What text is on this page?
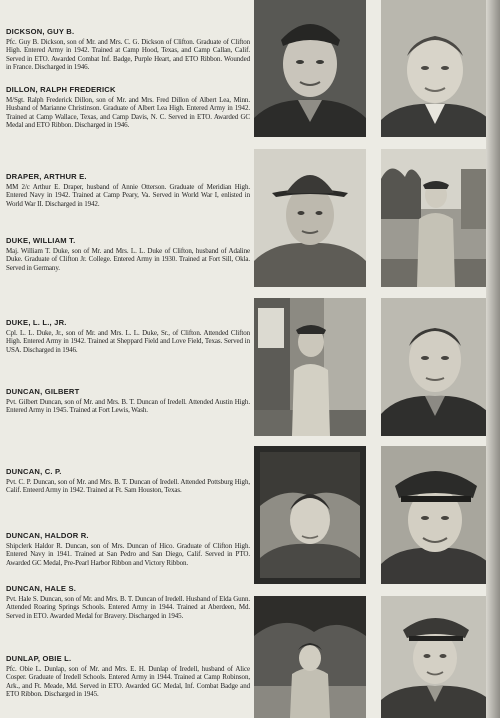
DICKSON, GUY B.

Pfc. Guy B. Dickson, son of Mr. and Mrs. C. G. Dickson of Clifton. Graduate of Clifton High. Entered Army in 1942. Trained at Camp Hood, Texas, and Camp Callan, Calif. Served in ETO. Awarded Combat Inf. Badge, Purple Heart, and ETO Ribbon. Wounded in France. Discharged in 1946.

DILLON, RALPH FREDERICK

M/Sgt. Ralph Frederick Dillon, son of Mr. and Mrs. Fred Dillon of Albert Lea, Minn. Husband of Marianne Christinson. Graduate of Albert Lea High. Entered Army in 1942. Trained at Camp Wallace, Texas, and Camp Davis, N. C. Served in ETO. Awarded GC Medal and ETO Ribbon. Discharged in 1946.

DRAPER, ARTHUR E.

MM 2/c Arthur E. Draper, husband of Annie Otterson. Graduate of Meridian High. Entered Navy in 1942. Trained at Camp Peary, Va. Served in World War I, enlisted in World War II. Discharged in 1942.

DUKE, WILLIAM T.

Maj. William T. Duke, son of Mr. and Mrs. L. L. Duke of Clifton, husband of Adaline Duke. Graduate of Clifton Jr. College. Entered Army in 1930. Trained at Fort Sill, Okla. Served in Germany.

DUKE, L. L., JR.

Cpl. L. L. Duke, Jr., son of Mr. and Mrs. L. L. Duke, Sr., of Clifton. Attended Clifton High. Entered Army in 1942. Trained at Sheppard Field and Love Field, Texas. Served in USA. Discharged in 1946.

DUNCAN, GILBERT

Pvt. Gilbert Duncan, son of Mr. and Mrs. B. T. Duncan of Iredell. Attended Austin High. Entered Army in 1945. Trained at Fort Lewis, Wash.

DUNCAN, C. P.

Pvt. C. P. Duncan, son of Mr. and Mrs. B. T. Duncan of Iredell. Attended Pottsburg High, Calif. Enteerd Army in 1942. Trained at Ft. Sam Houston, Texas.

DUNCAN, HALDOR R.

Shipclerk Haldor R. Duncan, son of Mrs. Duncan of Hico. Graduate of Clifton High. Entered Navy in 1941. Trained at San Pedro and San Diego, Calif. Served in PTO. Awarded GC Medal, Pre-Pearl Harbor Ribbon and Victory Ribbon.

DUNCAN, HALE S.

Pvt. Hale S. Duncan, son of Mr. and Mrs. B. T. Duncan of Iredell. Husband of Elda Gunn. Attended Roaring Springs Schools. Entered Army in 1944. Trained at Aberdeen, Md. Served in ETO. Awarded Medal for Bravery. Discharged in 1945.

DUNLAP, OBIE L.

Pfc. Obie L. Dunlap, son of Mr. and Mrs. E. H. Dunlap of Iredell, husband of Alice Cosper. Graduate of Iredell Schools. Entered Army in 1944. Trained at Camp Robinson, Ark., and Ft. Meade, Md. Served in ETO. Awarded GC Medal, Inf. Combat Badge and ETO Ribbon. Discharged in 1945.
